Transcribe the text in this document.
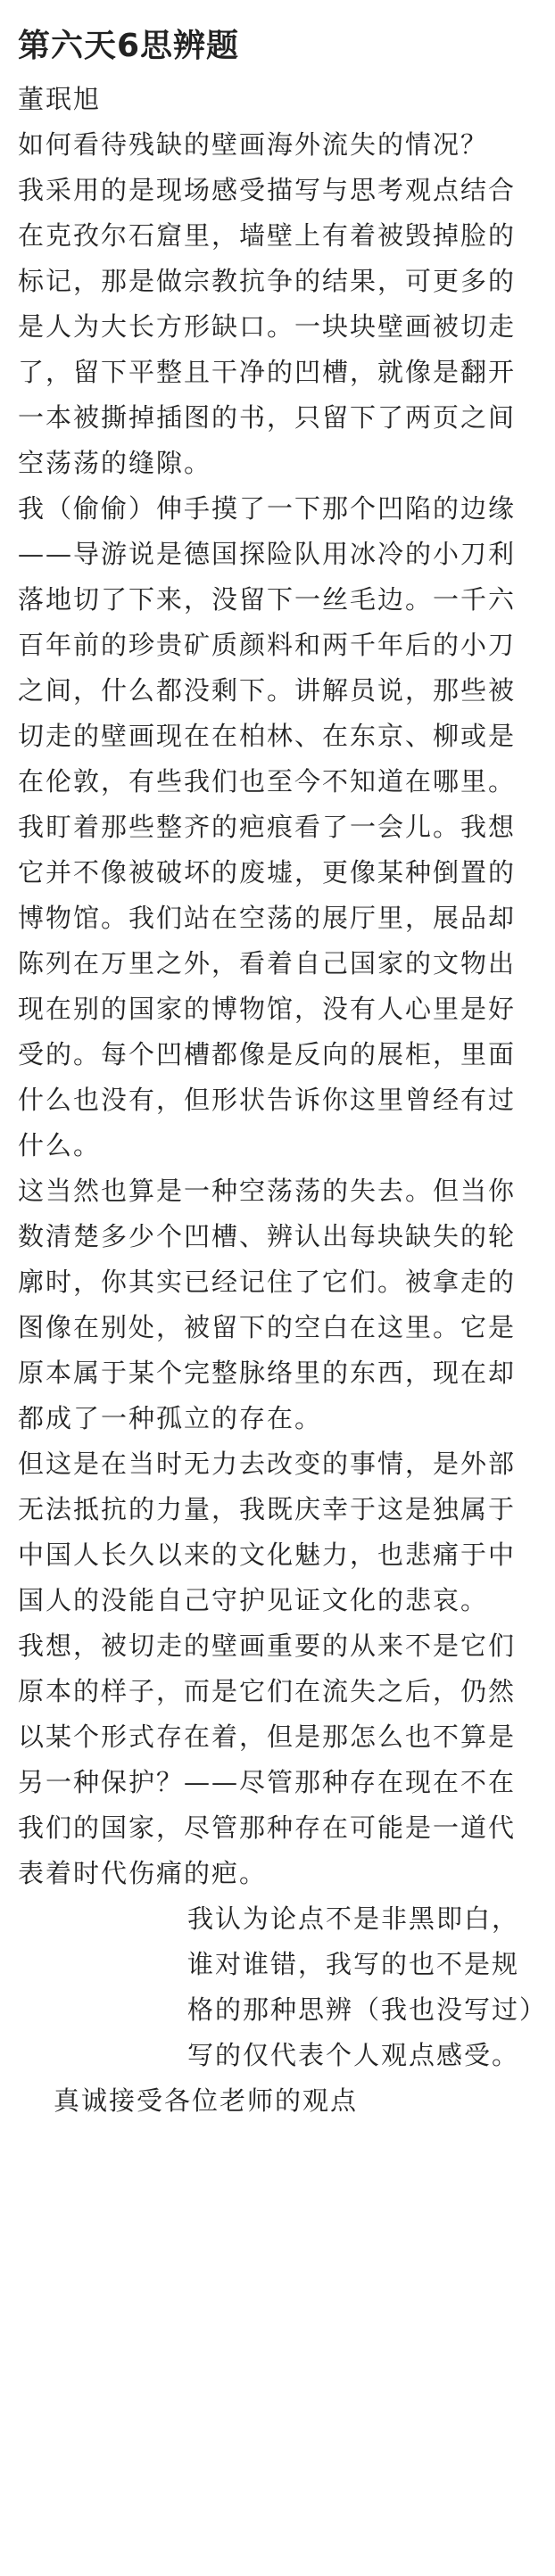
第六天6思辨题

董珉旭

如何看待残缺的壁画海外流失的情况？

我采用的是现场感受描写与思考观点结合

在克孜尔石窟里，墙壁上有着被毁掉脸的标记，那是做宗教抗争的结果，可更多的是人为大长方形缺口。一块块壁画被切走了，留下平整且干净的凹槽，就像是翻开一本被撕掉插图的书，只留下了两页之间空荡荡的缝隙。

我（偷偷）伸手摸了一下那个凹陷的边缘——导游说是德国探险队用冰冷的小刀利落地切了下来，没留下一丝毛边。一千六百年前的珍贵矿质颜料和两千年后的小刀之间，什么都没剩下。讲解员说，那些被切走的壁画现在在柏林、在东京、柳或是在伦敦，有些我们也至今不知道在哪里。

我盯着那些整齐的疤痕看了一会儿。我想它并不像被破坏的废墟，更像某种倒置的博物馆。我们站在空荡的展厅里，展品却陈列在万里之外，看着自己国家的文物出现在别的国家的博物馆，没有人心里是好受的。每个凹槽都像是反向的展柜，里面什么也没有，但形状告诉你这里曾经有过什么。

这当然也算是一种空荡荡的失去。但当你数清楚多少个凹槽、辨认出每块缺失的轮廓时，你其实已经记住了它们。被拿走的图像在别处，被留下的空白在这里。它是原本属于某个完整脉络里的东西，现在却都成了一种孤立的存在。

但这是在当时无力去改变的事情，是外部无法抵抗的力量，我既庆幸于这是独属于中国人长久以来的文化魅力，也悲痛于中国人的没能自己守护见证文化的悲哀。

我想，被切走的壁画重要的从来不是它们原本的样子，而是它们在流失之后，仍然以某个形式存在着，但是那怎么也不算是另一种保护？——尽管那种存在现在不在我们的国家，尽管那种存在可能是一道代表着时代伤痛的疤。

我认为论点不是非黑即白，谁对谁错，我写的也不是规格的那种思辨（我也没写过）写的仅代表个人观点感受。

真诚接受各位老师的观点
